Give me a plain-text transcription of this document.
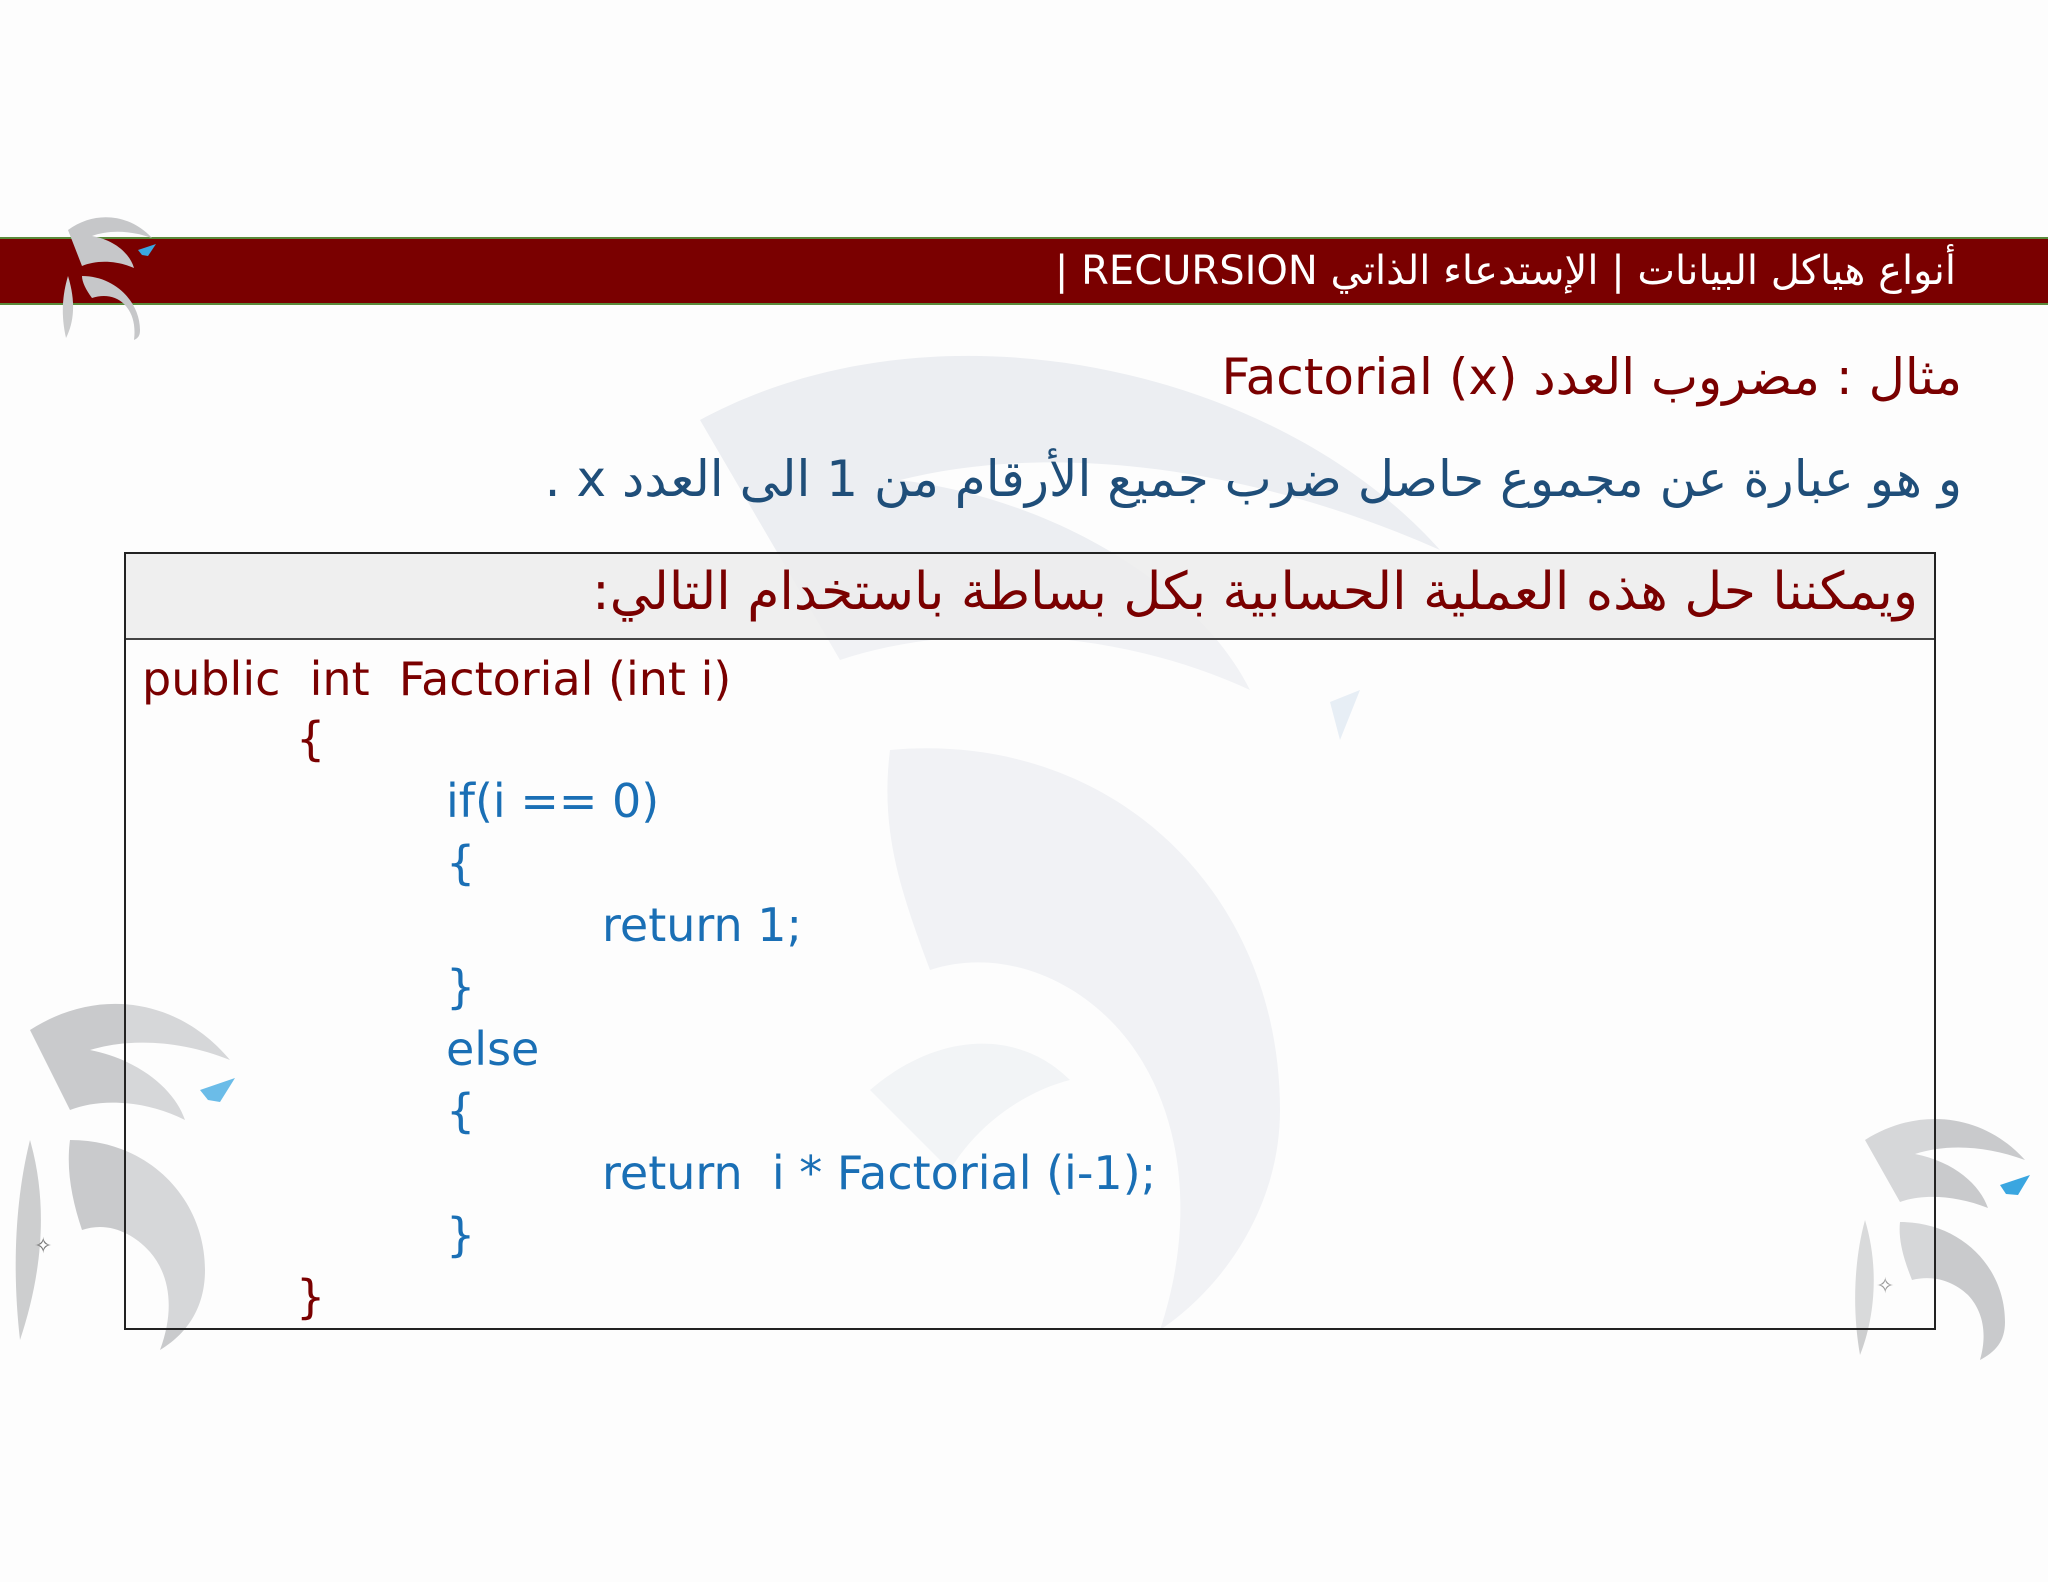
✧
✧
أنواع هياكل البيانات | الإستدعاء الذاتي RECURSION |
مثال : مضروب العدد (x) Factorial
و هو عبارة عن مجموع حاصل ضرب جميع الأرقام من 1 الى العدد x .
ويمكننا حل هذه العملية الحسابية بكل بساطة باستخدام التالي:
public  int  Factorial (int i)
{
if(i == 0)
{
return 1;
}
else
{
return  i * Factorial (i-1);
}
}
